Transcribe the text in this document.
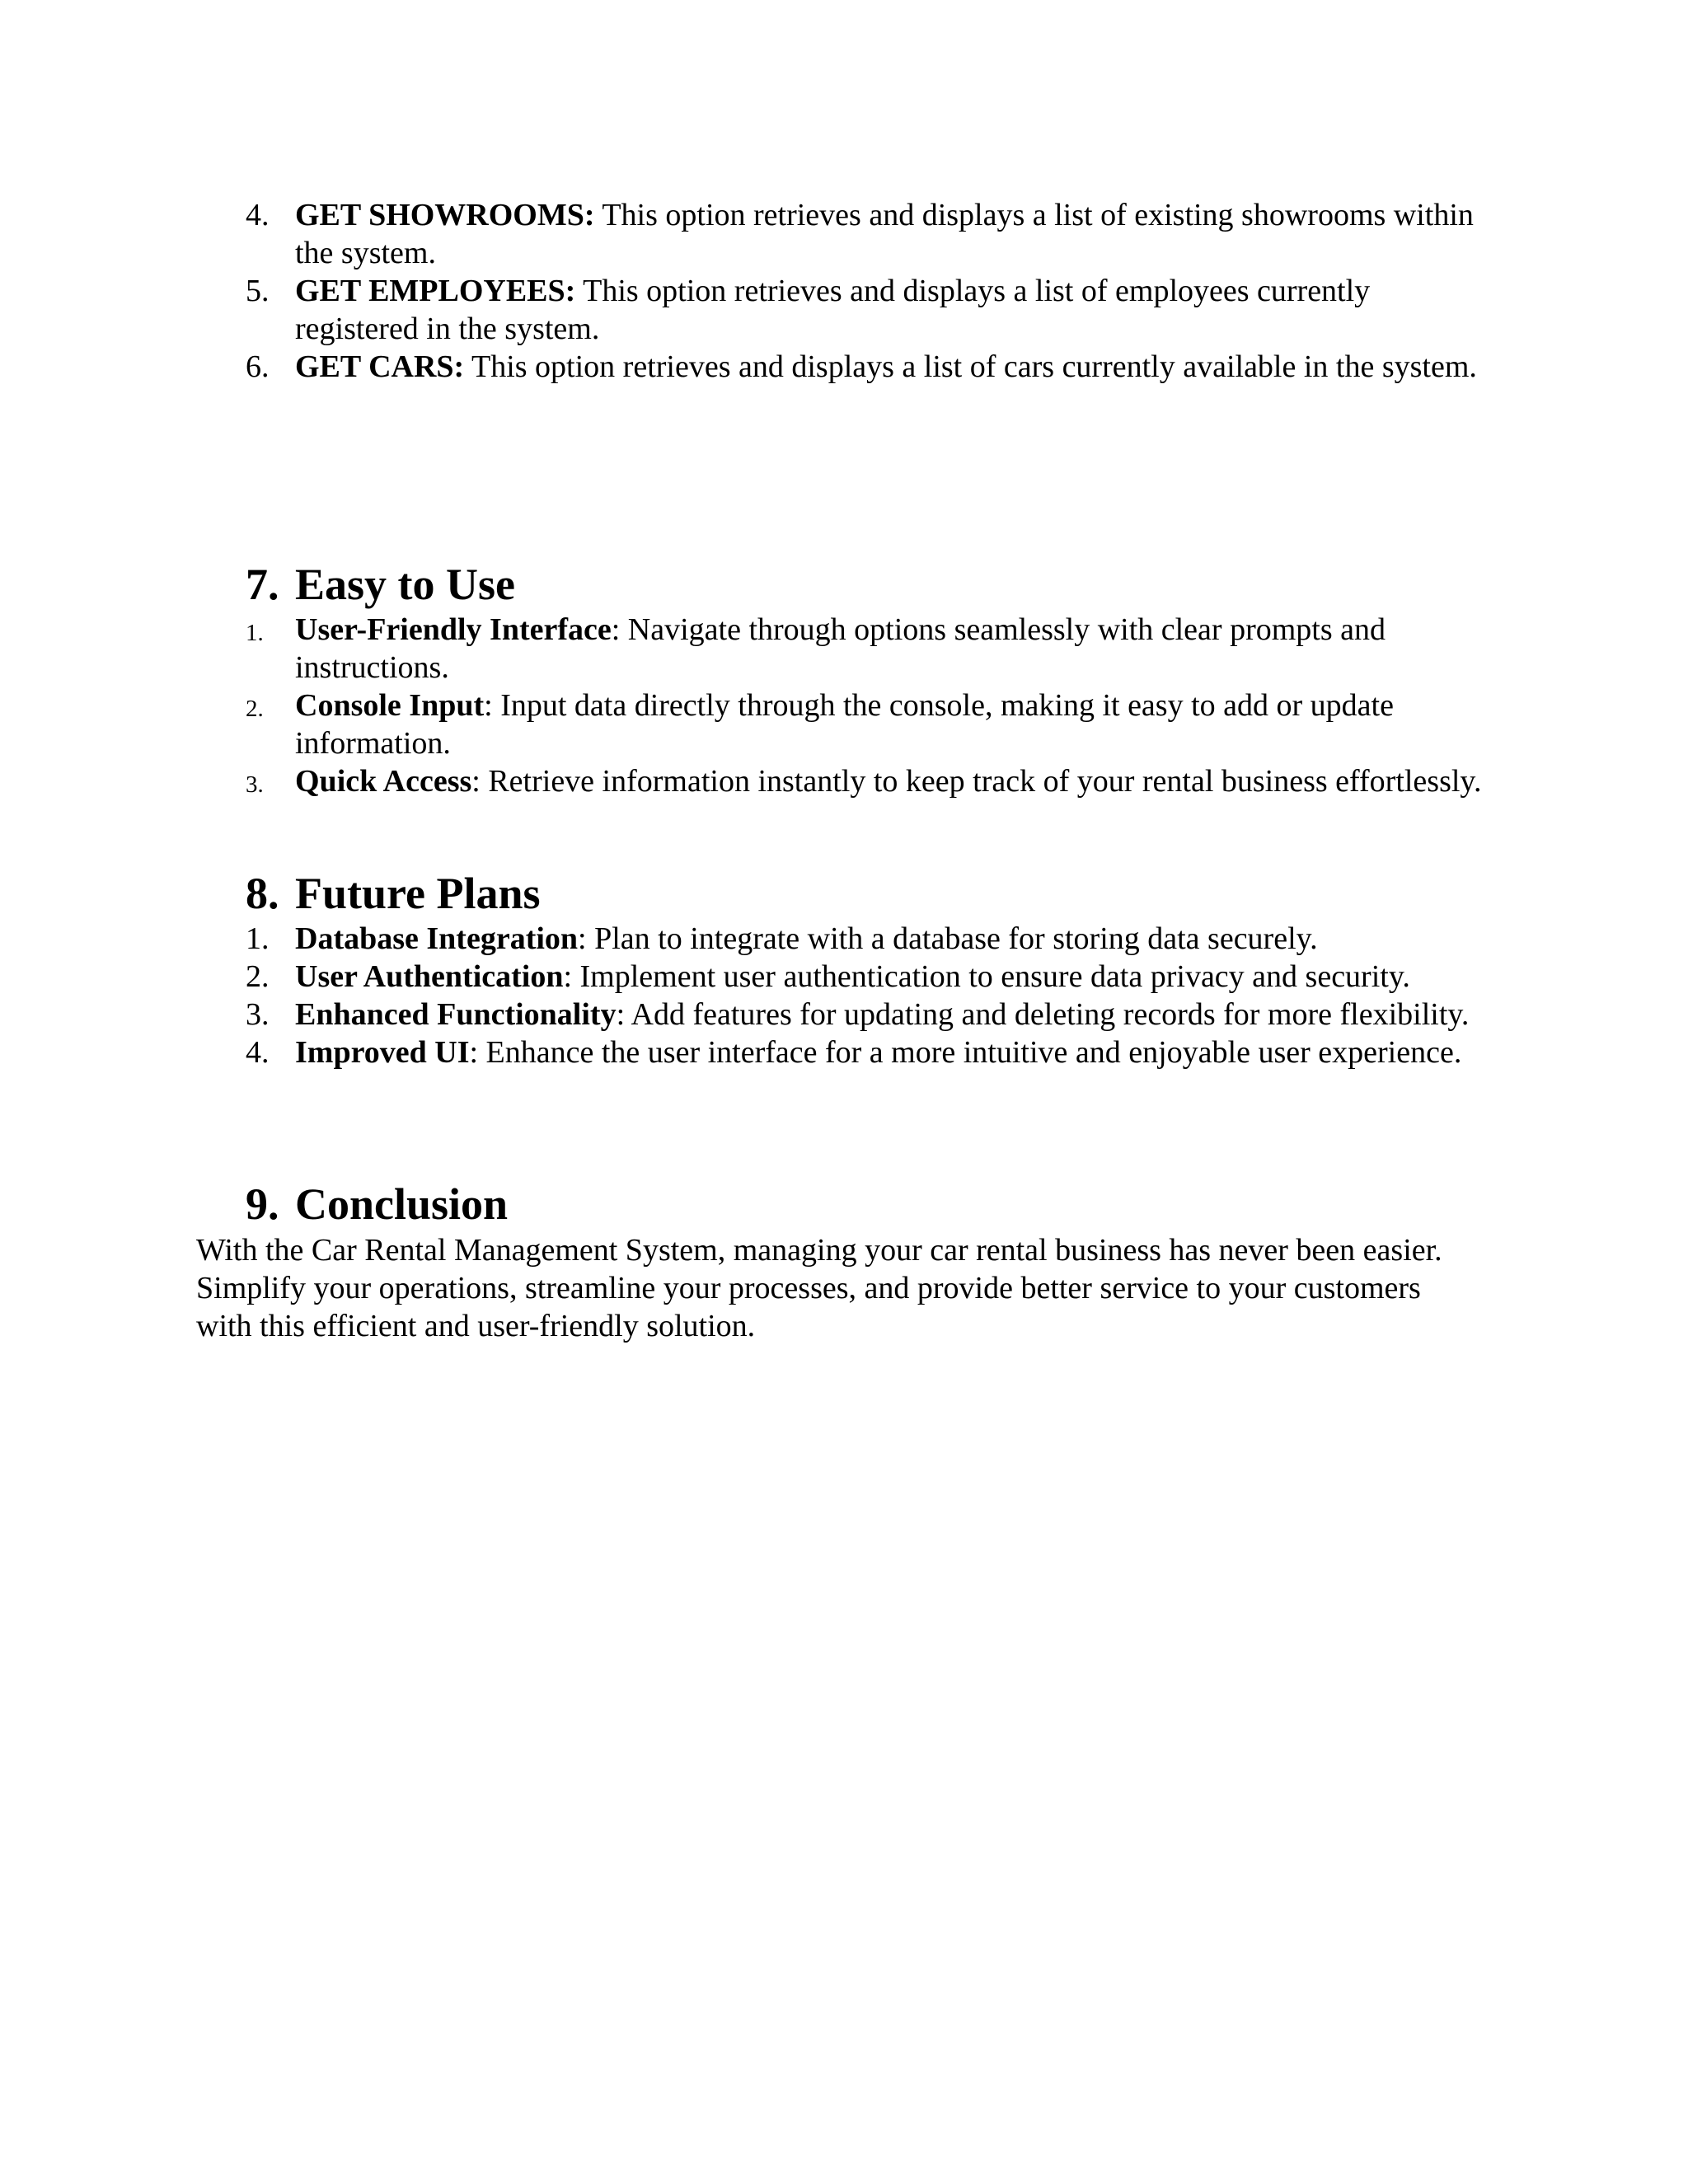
4. GET SHOWROOMS: This option retrieves and displays a list of existing showrooms within the system.
5. GET EMPLOYEES: This option retrieves and displays a list of employees currently registered in the system.
6. GET CARS: This option retrieves and displays a list of cars currently available in the system.
7. Easy to Use
1. User-Friendly Interface: Navigate through options seamlessly with clear prompts and instructions.
2. Console Input: Input data directly through the console, making it easy to add or update information.
3. Quick Access: Retrieve information instantly to keep track of your rental business effortlessly.
8. Future Plans
1. Database Integration: Plan to integrate with a database for storing data securely.
2. User Authentication: Implement user authentication to ensure data privacy and security.
3. Enhanced Functionality: Add features for updating and deleting records for more flexibility.
4. Improved UI: Enhance the user interface for a more intuitive and enjoyable user experience.
9. Conclusion
With the Car Rental Management System, managing your car rental business has never been easier. Simplify your operations, streamline your processes, and provide better service to your customers with this efficient and user-friendly solution.
